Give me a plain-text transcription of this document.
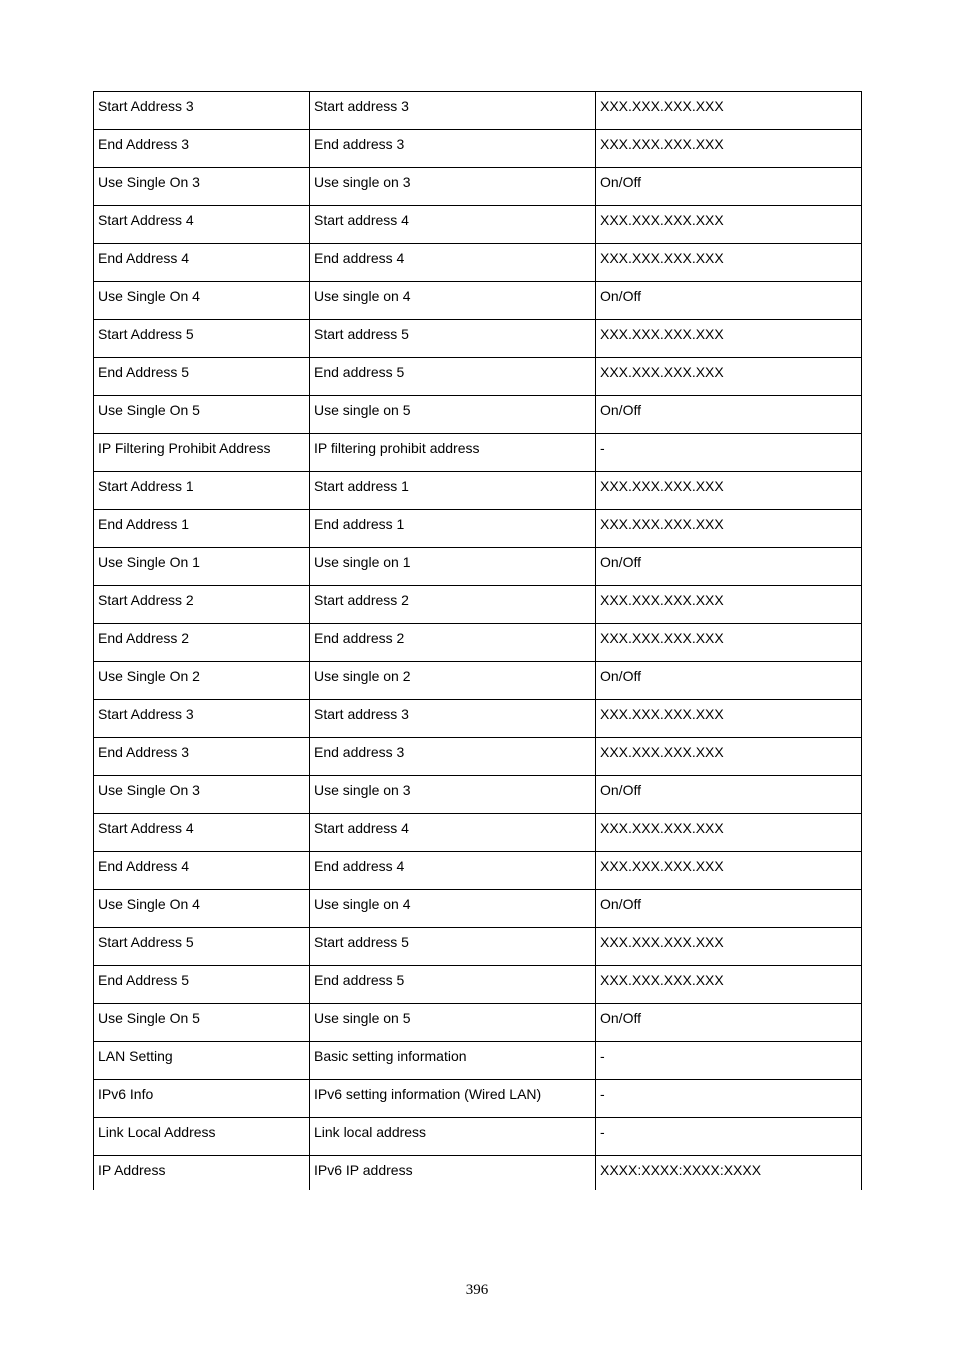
Start Address 3	Start address 3	XXX.XXX.XXX.XXX
End Address 3	End address 3	XXX.XXX.XXX.XXX
Use Single On 3	Use single on 3	On/Off
Start Address 4	Start address 4	XXX.XXX.XXX.XXX
End Address 4	End address 4	XXX.XXX.XXX.XXX
Use Single On 4	Use single on 4	On/Off
Start Address 5	Start address 5	XXX.XXX.XXX.XXX
End Address 5	End address 5	XXX.XXX.XXX.XXX
Use Single On 5	Use single on 5	On/Off
IP Filtering Prohibit Address	IP filtering prohibit address	-
Start Address 1	Start address 1	XXX.XXX.XXX.XXX
End Address 1	End address 1	XXX.XXX.XXX.XXX
Use Single On 1	Use single on 1	On/Off
Start Address 2	Start address 2	XXX.XXX.XXX.XXX
End Address 2	End address 2	XXX.XXX.XXX.XXX
Use Single On 2	Use single on 2	On/Off
Start Address 3	Start address 3	XXX.XXX.XXX.XXX
End Address 3	End address 3	XXX.XXX.XXX.XXX
Use Single On 3	Use single on 3	On/Off
Start Address 4	Start address 4	XXX.XXX.XXX.XXX
End Address 4	End address 4	XXX.XXX.XXX.XXX
Use Single On 4	Use single on 4	On/Off
Start Address 5	Start address 5	XXX.XXX.XXX.XXX
End Address 5	End address 5	XXX.XXX.XXX.XXX
Use Single On 5	Use single on 5	On/Off
LAN Setting	Basic setting information	-
IPv6 Info	IPv6 setting information (Wired LAN)	-
Link Local Address	Link local address	-
IP Address	IPv6 IP address	XXXX:XXXX:XXXX:XXXX
396
